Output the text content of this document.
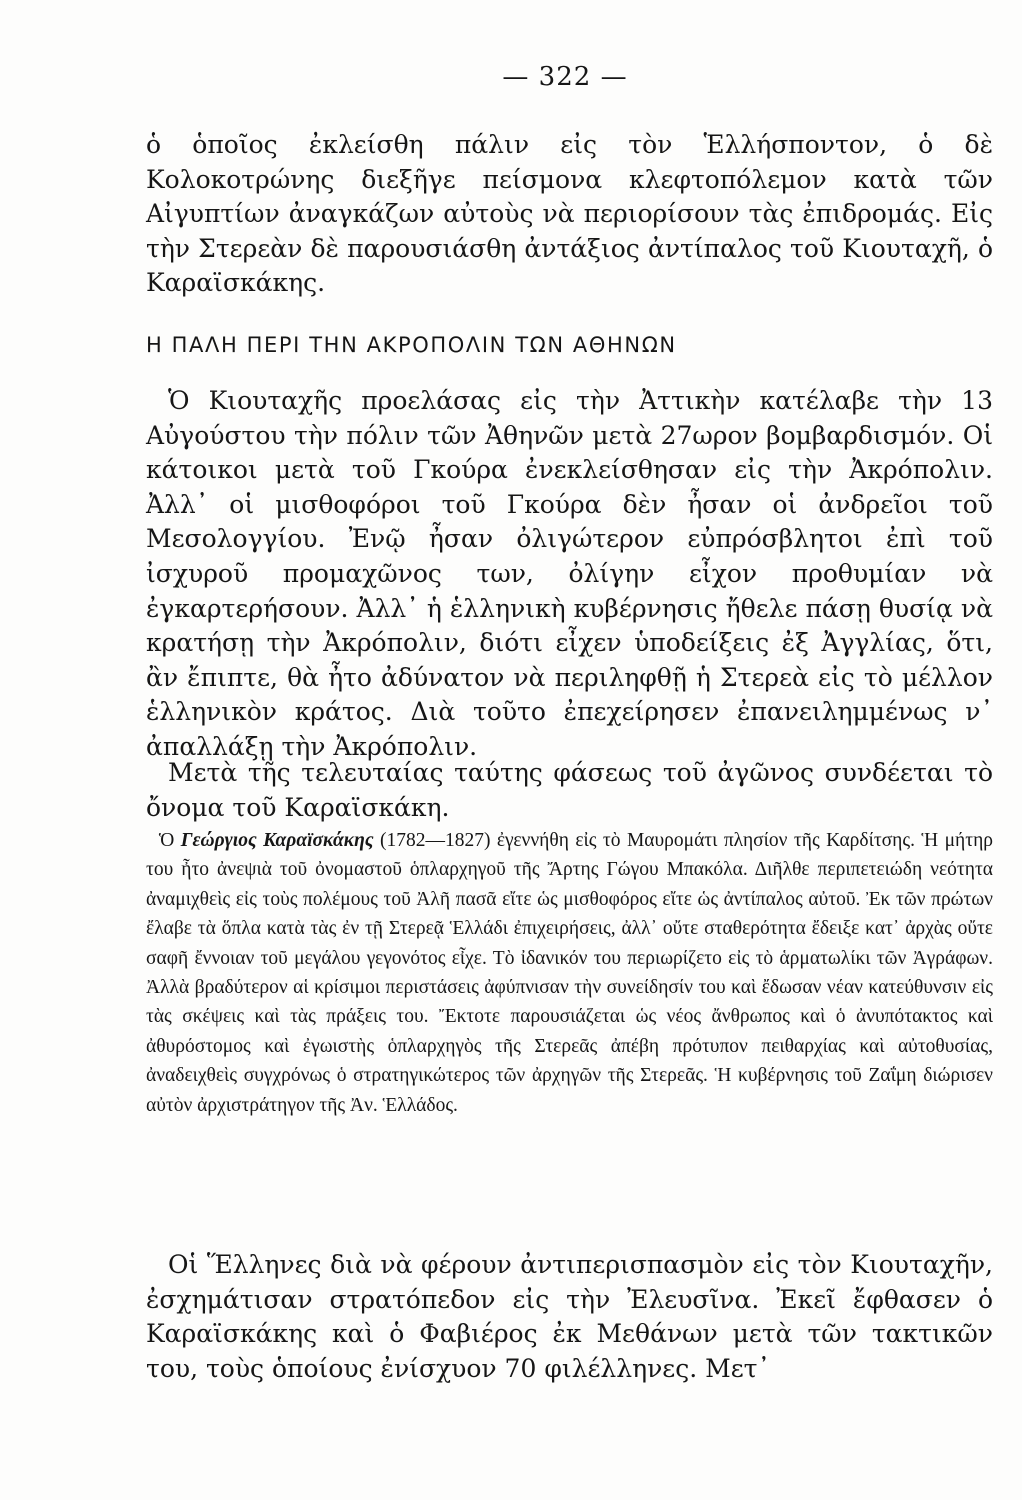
— 322 —

ὁ ὁποῖος ἐκλείσθη πάλιν εἰς τὸν Ἑλλήσποντον, ὁ δὲ Κολοκοτρώνης διεξῆγε πείσμονα κλεφτοπόλεμον κατὰ τῶν Αἰγυπτίων ἀναγκάζων αὐτοὺς νὰ περιορίσουν τὰς ἐπιδρομάς. Εἰς τὴν Στερεὰν δὲ παρουσιάσθη ἀντάξιος ἀντίπαλος τοῦ Κιουταχῆ, ὁ Καραϊσκάκης.

Η ΠΑΛΗ ΠΕΡΙ ΤΗΝ ΑΚΡΟΠΟΛΙΝ ΤΩΝ ΑΘΗΝΩΝ

Ὁ Κιουταχῆς προελάσας εἰς τὴν Ἀττικὴν κατέλαβε τὴν 13 Αὐγούστου τὴν πόλιν τῶν Ἀθηνῶν μετὰ 27ωρον βομβαρδισμόν. Οἱ κάτοικοι μετὰ τοῦ Γκούρα ἐνεκλείσθησαν εἰς τὴν Ἀκρόπολιν. Ἀλλ᾿ οἱ μισθοφόροι τοῦ Γκούρα δὲν ἦσαν οἱ ἀνδρεῖοι τοῦ Μεσολογγίου. Ἐνῷ ἦσαν ὀλιγώτερον εὐπρόσβλητοι ἐπὶ τοῦ ἰσχυροῦ προμαχῶνος των, ὀλίγην εἶχον προθυμίαν νὰ ἐγκαρτερήσουν. Ἀλλ᾿ ἡ ἑλληνικὴ κυβέρνησις ἤθελε πάσῃ θυσίᾳ νὰ κρατήσῃ τὴν Ἀκρόπολιν, διότι εἶχεν ὑποδείξεις ἐξ Ἀγγλίας, ὅτι, ἂν ἔπιπτε, θὰ ἦτο ἀδύνατον νὰ περιληφθῇ ἡ Στερεὰ εἰς τὸ μέλλον ἑλληνικὸν κράτος. Διὰ τοῦτο ἐπεχείρησεν ἐπανειλημμένως ν᾿ ἀπαλλάξῃ τὴν Ἀκρόπολιν.

Μετὰ τῆς τελευταίας ταύτης φάσεως τοῦ ἀγῶνος συνδέεται τὸ ὄνομα τοῦ Καραϊσκάκη.

Ὁ Γεώργιος Καραϊσκάκης (1782—1827) ἐγεννήθη εἰς τὸ Μαυρομάτι πλησίον τῆς Καρδίτσης. Ἡ μήτηρ του ἦτο ἀνεψιὰ τοῦ ὀνομαστοῦ ὁπλαρχηγοῦ τῆς Ἄρτης Γώγου Μπακόλα. Διῆλθε περιπετειώδη νεότητα ἀναμιχθεὶς εἰς τοὺς πολέμους τοῦ Ἀλῆ πασᾶ εἴτε ὡς μισθοφόρος εἴτε ὡς ἀντίπαλος αὐτοῦ. Ἐκ τῶν πρώτων ἔλαβε τὰ ὅπλα κατὰ τὰς ἐν τῇ Στερεᾷ Ἑλλάδι ἐπιχειρήσεις, ἀλλ᾿ οὔτε σταθερότητα ἔδειξε κατ᾿ ἀρχὰς οὔτε σαφῆ ἔννοιαν τοῦ μεγάλου γεγονότος εἶχε. Τὸ ἰδανικόν του περιωρίζετο εἰς τὸ ἁρματωλίκι τῶν Ἀγράφων. Ἀλλὰ βραδύτερον αἱ κρίσιμοι περιστάσεις ἀφύπνισαν τὴν συνείδησίν του καὶ ἔδωσαν νέαν κατεύθυνσιν εἰς τὰς σκέψεις καὶ τὰς πράξεις του. Ἔκτοτε παρουσιάζεται ὡς νέος ἄνθρωπος καὶ ὁ ἀνυπότακτος καὶ ἀθυρόστομος καὶ ἐγωιστὴς ὁπλαρχηγὸς τῆς Στερεᾶς ἀπέβη πρότυπον πειθαρχίας καὶ αὐτοθυσίας, ἀναδειχθεὶς συγχρόνως ὁ στρατηγικώτερος τῶν ἀρχηγῶν τῆς Στερεᾶς. Ἡ κυβέρνησις τοῦ Ζαΐμη διώρισεν αὐτὸν ἀρχιστράτηγον τῆς Ἀν. Ἑλλάδος.

Οἱ Ἕλληνες διὰ νὰ φέρουν ἀντιπερισπασμὸν εἰς τὸν Κιουταχῆν, ἐσχημάτισαν στρατόπεδον εἰς τὴν Ἐλευσῖνα. Ἐκεῖ ἔφθασεν ὁ Καραϊσκάκης καὶ ὁ Φαβιέρος ἐκ Μεθάνων μετὰ τῶν τακτικῶν του, τοὺς ὁποίους ἐνίσχυον 70 φιλέλληνες. Μετ᾿
